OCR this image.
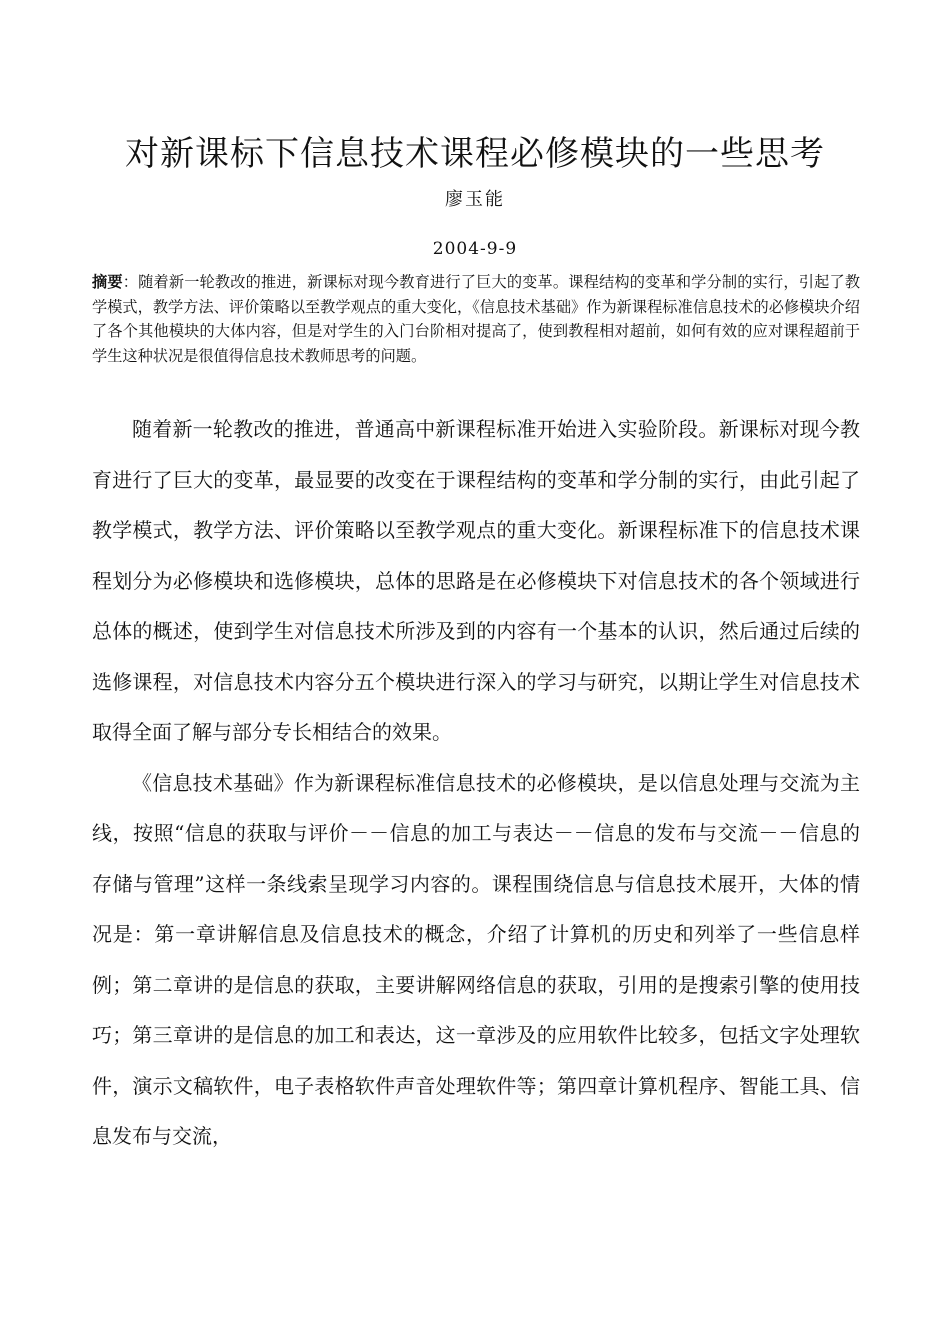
对新课标下信息技术课程必修模块的一些思考
廖玉能
2004-9-9
摘要：随着新一轮教改的推进，新课标对现今教育进行了巨大的变革。课程结构的变革和学分制的实行，引起了教学模式，教学方法、评价策略以至教学观点的重大变化，《信息技术基础》作为新课程标准信息技术的必修模块介绍了各个其他模块的大体内容，但是对学生的入门台阶相对提高了，使到教程相对超前，如何有效的应对课程超前于学生这种状况是很值得信息技术教师思考的问题。

随着新一轮教改的推进，普通高中新课程标准开始进入实验阶段。新课标对现今教育进行了巨大的变革，最显要的改变在于课程结构的变革和学分制的实行，由此引起了教学模式，教学方法、评价策略以至教学观点的重大变化。新课程标准下的信息技术课程划分为必修模块和选修模块，总体的思路是在必修模块下对信息技术的各个领域进行总体的概述，使到学生对信息技术所涉及到的内容有一个基本的认识，然后通过后续的选修课程，对信息技术内容分五个模块进行深入的学习与研究，以期让学生对信息技术取得全面了解与部分专长相结合的效果。

《信息技术基础》作为新课程标准信息技术的必修模块，是以信息处理与交流为主线，按照“信息的获取与评价－－信息的加工与表达－－信息的发布与交流－－信息的存储与管理”这样一条线索呈现学习内容的。课程围绕信息与信息技术展开，大体的情况是：第一章讲解信息及信息技术的概念，介绍了计算机的历史和列举了一些信息样例；第二章讲的是信息的获取，主要讲解网络信息的获取，引用的是搜索引擎的使用技巧；第三章讲的是信息的加工和表达，这一章涉及的应用软件比较多，包括文字处理软件，演示文稿软件，电子表格软件声音处理软件等；第四章计算机程序、智能工具、信息发布与交流，
